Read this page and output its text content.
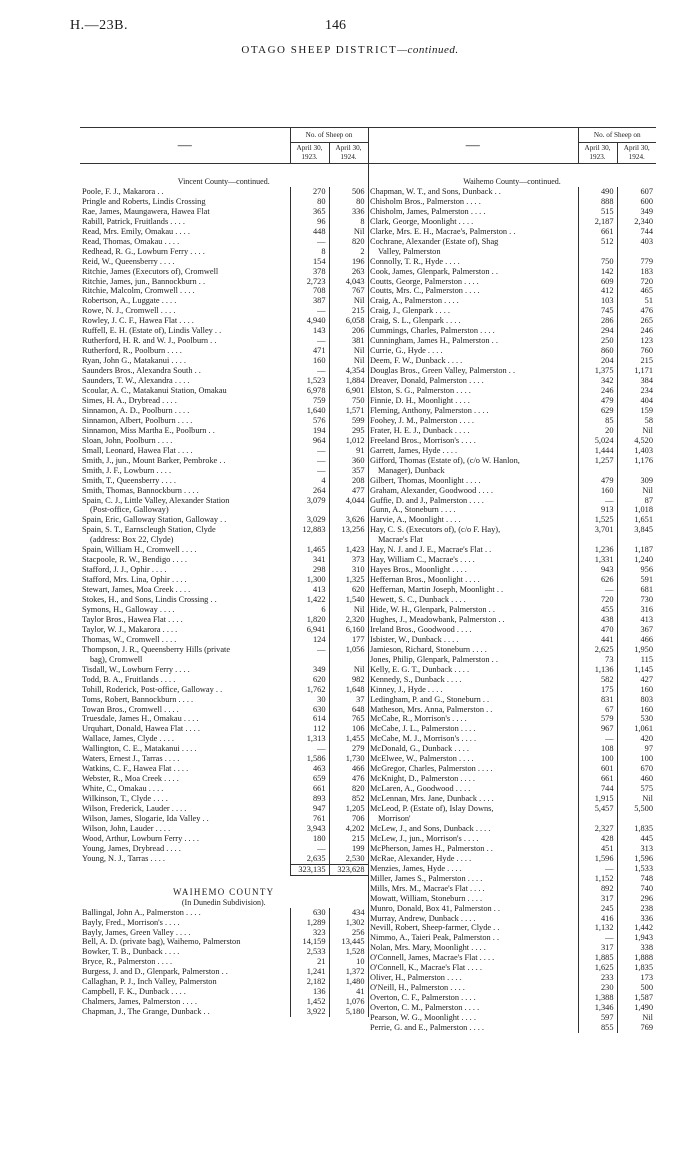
H.—23B.	146
OTAGO SHEEP DISTRICT—continued.
—	No. of Sheep on	
	April 30, 1923.	April 30, 1924.

Vincent County—continued.		
Poole, F. J., Makarora . .	270	506
Pringle and Roberts, Lindis Crossing	80	80
Rae, James, Maungawera, Hawea Flat	365	336
Rabill, Patrick, Fruitlands . . . .	96	8
Read, Mrs. Emily, Omakau . . . .	448	Nil
Read, Thomas, Omakau . . . .	—	820
Redhead, R. G., Lowburn Ferry . . . .	8	2
Reid, W., Queensberry . . . .	154	196
Ritchie, James (Executors of), Cromwell	378	263
Ritchie, James, jun., Bannockburn . .	2,723	4,043
Ritchie, Malcolm, Cromwell . . . .	708	767
Robertson, A., Luggate . . . .	387	Nil
Rowe, N. J., Cromwell . . . .	—	215
Rowley, J. C. F., Hawea Flat . . . .	4,940	6,058
Ruffell, E. H. (Estate of), Lindis Valley . .	143	206
Rutherford, H. R. and W. J., Poolburn . .	—	381
Rutherford, R., Poolburn . . . .	471	Nil
Ryan, John G., Matakanui . . . .	160	Nil
Saunders Bros., Alexandra South . .	—	4,354
Saunders, T. W., Alexandra . . . .	1,523	1,884
Scoular, A. C., Matakanui Station, Omakau	6,978	6,901
Simes, H. A., Drybread . . . .	759	750
Sinnamon, A. D., Poolburn . . . .	1,640	1,571
Sinnamon, Albert, Poolburn . . . .	576	599
Sinnamon, Miss Martha E., Poolburn . .	194	295
Sloan, John, Poolburn . . . .	964	1,012
Small, Leonard, Hawea Flat . . . .	—	91
Smith, J., jun., Mount Barker, Pembroke . .	—	360
Smith, J. F., Lowburn . . . .	—	357
Smith, T., Queensberry . . . .	4	208
Smith, Thomas, Bannockburn . . . .	264	477
Spain, C. J., Little Valley, Alexander Station	3,079	4,044
(Post-office, Galloway)		
Spain, Eric, Galloway Station, Galloway . .	3,029	3,626
Spain, S. T., Earnscleugh Station, Clyde	12,883	13,256
(address: Box 22, Clyde)		
Spain, William H., Cromwell . . . .	1,465	1,423
Stacpoole, R. W., Bendigo . . . .	341	373
Stafford, J. J., Ophir . . . .	298	310
Stafford, Mrs. Lina, Ophir . . . .	1,300	1,325
Stewart, James, Moa Creek . . . .	413	620
Stokes, H., and Sons, Lindis Crossing . .	1,422	1,540
Symons, H., Galloway . . . .	6	Nil
Taylor Bros., Hawea Flat . . . .	1,820	2,320
Taylor, W. J., Makarora . . . .	6,941	6,160
Thomas, W., Cromwell . . . .	124	177
Thompson, J. R., Queensberry Hills (private	—	1,056
bag), Cromwell		
Tisdall, W., Lowburn Ferry . . . .	349	Nil
Todd, B. A., Fruitlands . . . .	620	982
Tohill, Roderick, Post-office, Galloway . .	1,762	1,648
Toms, Robert, Bannockburn . . . .	30	37
Towan Bros., Cromwell . . . .	630	648
Truesdale, James H., Omakau . . . .	614	765
Urquhart, Donald, Hawea Flat . . . .	112	106
Wallace, James, Clyde . . . .	1,313	1,455
Wallington, C. E., Matakanui . . . .	—	279
Waters, Ernest J., Tarras . . . .	1,586	1,730
Watkins, C. F., Hawea Flat . . . .	463	466
Webster, R., Moa Creek . . . .	659	476
White, C., Omakau . . . .	661	820
Wilkinson, T., Clyde . . . .	893	852
Wilson, Frederick, Lauder . . . .	947	1,205
Wilson, James, Slogarie, Ida Valley . .	761	706
Wilson, John, Lauder . . . .	3,943	4,202
Wood, Arthur, Lowburn Ferry . . . .	180	215
Young, James, Drybread . . . .	—	199
Young, N. J., Tarras . . . .	2,635	2,530
	323,135	323,628

WAIHEMO COUNTY		
(In Dunedin Subdivision).		
Ballingal, John A., Palmerston . . . .	630	434
Bayly, Fred., Morrison's . . . .	1,289	1,302
Bayly, James, Green Valley . . . .	323	256
Bell, A. D. (private bag), Waihemo, Palmerston	14,159	13,445

Bowker, T. B., Dunback . . . .	2,533	1,528
Bryce, R., Palmerston . . . .	21	10
Burgess, J. and D., Glenpark, Palmerston . .	1,241	1,372
Callaghan, P. J., Inch Valley, Palmerston	2,182	1,480
Campbell, F. K., Dunback . . . .	136	41
Chalmers, James, Palmerston . . . .	1,452	1,076
Chapman, J., The Grange, Dunback . .	3,922	5,180
—	No. of Sheep on	
	April 30, 1923.	April 30, 1924.

Waihemo County—continued.		
Chapman, W. T., and Sons, Dunback . .	490	607
Chisholm Bros., Palmerston . . . .	888	600
Chisholm, James, Palmerston . . . .	515	349
Clark, George, Moonlight . . . .	2,187	2,340
Clarke, Mrs. E. H., Macrae's, Palmerston . .	661	744
Cochrane, Alexander (Estate of), Shag	512	403
Valley, Palmerston		
Connolly, T. R., Hyde . . . .	750	779
Cook, James, Glenpark, Palmerston . .	142	183
Coutts, George, Palmerston . . . .	609	720
Coutts, Mrs. C., Palmerston . . . .	412	465
Craig, A., Palmerston . . . .	103	51
Craig, J., Glenpark . . . .	745	476
Craig, S. L., Glenpark . . . .	286	265
Cummings, Charles, Palmerston . . . .	294	246
Cunningham, James H., Palmerston . .	250	123
Currie, G., Hyde . . . .	860	760
Deem, F. W., Dunback . . . .	204	215
Douglas Bros., Green Valley, Palmerston . .	1,375	1,171
Dreaver, Donald, Palmerston . . . .	342	384
Elston, S. G., Palmerston . . . .	246	234
Finnie, D. H., Moonlight . . . .	479	404
Fleming, Anthony, Palmerston . . . .	629	159
Foohey, J. M., Palmerston . . . .	85	58
Frater, H. E. J., Dunback . . . .	20	Nil
Freeland Bros., Morrison's . . . .	5,024	4,520
Garrett, James, Hyde . . . .	1,444	1,403
Gifford, Thomas (Estate of), (c/o W. Hanlon,	1,257	1,176
Manager), Dunback		
Gilbert, Thomas, Moonlight . . . .	479	309
Graham, Alexander, Goodwood . . . .	160	Nil
Guffie, D. and J., Palmerston . . . .	—	87
Gunn, A., Stoneburn . . . .	913	1,018
Harvie, A., Moonlight . . . .	1,525	1,651
Hay, C. S. (Executors of), (c/o F. Hay),	3,701	3,845
Macrae's Flat		
Hay, N. J. and J. E., Macrae's Flat . .	1,236	1,187
Hay, William C., Macrae's . . . .	1,331	1,240
Hayes Bros., Moonlight . . . .	943	956
Heffernan Bros., Moonlight . . . .	626	591
Heffernan, Martin Joseph, Moonlight . .	—	681
Hewett, S. C., Dunback . . . .	720	730
Hide, W. H., Glenpark, Palmerston . .	455	316
Hughes, J., Meadowbank, Palmerston . .	438	413
Ireland Bros., Goodwood . . . .	470	367
Isbister, W., Dunback . . . .	441	466
Jamieson, Richard, Stoneburn . . . .	2,625	1,950
Jones, Philip, Glenpark, Palmerston . .	73	115
Kelly, E. G. T., Dunback . . . .	1,136	1,145
Kennedy, S., Dunback . . . .	582	427
Kinney, J., Hyde . . . .	175	160
Ledingham, P. and G., Stoneburn . .	831	803
Matheson, Mrs. Anna, Palmerston . .	67	160
McCabe, R., Morrison's . . . .	579	530
McCabe, J. L., Palmerston . . . .	967	1,061
McCabe, M. J., Morrison's . . . .	—	420
McDonald, G., Dunback . . . .	108	97
McElwee, W., Palmerston . . . .	100	100
McGregor, Charles, Palmerston . . . .	601	670
McKnight, D., Palmerston . . . .	661	460
McLaren, A., Goodwood . . . .	744	575
McLennan, Mrs. Jane, Dunback . . . .	1,915	Nil
McLeod, P. (Estate of), Islay Downs,	5,457	5,500
Morrison'		
McLew, J., and Sons, Dunback . . . .	2,327	1,835
McLew, J., jun., Morrison's . . . .	428	445
McPherson, James H., Palmerston . .	451	313
McRae, Alexander, Hyde . . . .	1,596	1,596
Menzies, James, Hyde . . . .	—	1,533
Miller, James S., Palmerston . . . .	1,152	748
Mills, Mrs. M., Macrae's Flat . . . .	892	740
Mowatt, William, Stoneburn . . . .	317	296
Munro, Donald, Box 41, Palmerston . .	245	238
Murray, Andrew, Dunback . . . .	416	336
Nevill, Robert, Sheep-farmer, Clyde . .	1,132	1,442
Nimmo, A., Taieri Peak, Palmerston . .	—	1,943
Nolan, Mrs. Mary, Moonlight . . . .	317	338
O'Connell, James, Macrae's Flat . . . .	1,885	1,888
O'Connell, K., Macrae's Flat . . . .	1,625	1,835
Oliver, H., Palmerston . . . .	233	173
O'Neill, H., Palmerston . . . .	230	500
Overton, C. F., Palmerston . . . .	1,388	1,587
Overton, C. M., Palmerston . . . .	1,346	1,490
Pearson, W. G., Moonlight . . . .	597	Nil
Perrie, G. and E., Palmerston . . . .	855	769
